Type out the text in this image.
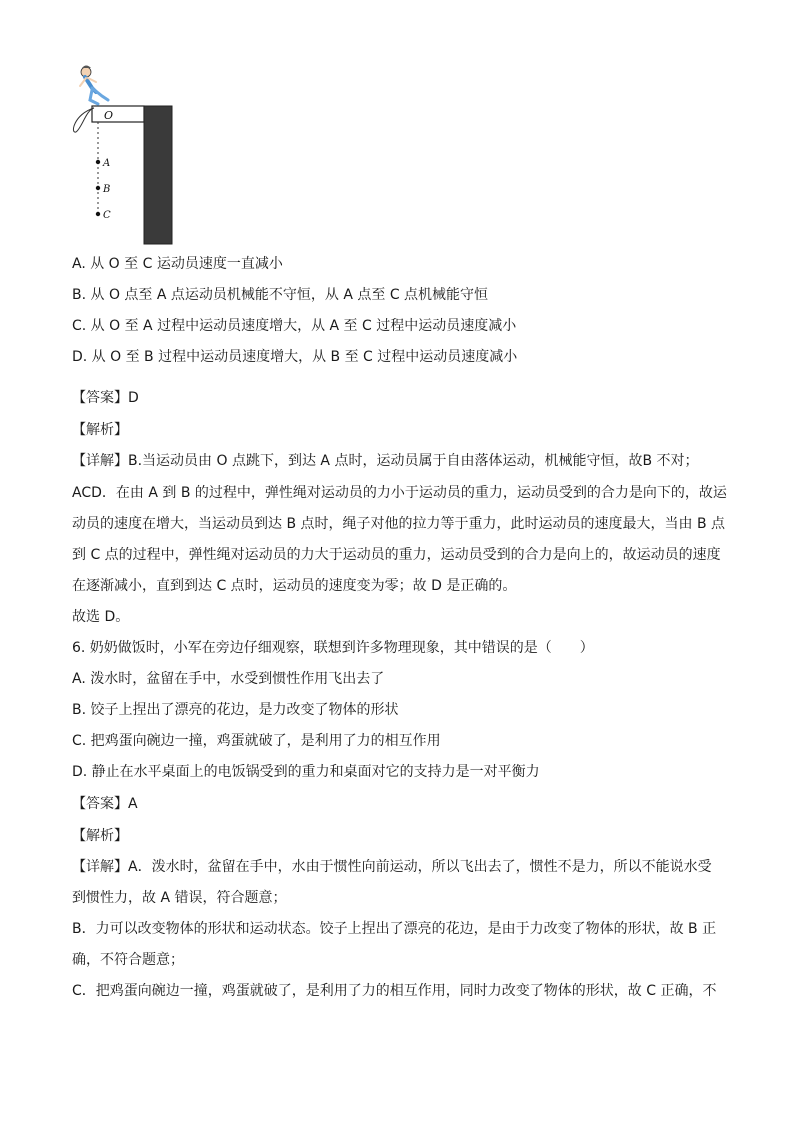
O
A
B
C
A. 从 O 至 C 运动员速度一直减小
B. 从 O 点至 A 点运动员机械能不守恒，从 A 点至 C 点机械能守恒
C. 从 O 至 A 过程中运动员速度增大，从 A 至 C 过程中运动员速度减小
D. 从 O 至 B 过程中运动员速度增大，从 B 至 C 过程中运动员速度减小
【答案】D
【解析】
【详解】B.当运动员由 O 点跳下，到达 A 点时，运动员属于自由落体运动，机械能守恒，故B 不对；
ACD．在由 A 到 B 的过程中，弹性绳对运动员的力小于运动员的重力，运动员受到的合力是向下的，故运
动员的速度在增大，当运动员到达 B 点时，绳子对他的拉力等于重力，此时运动员的速度最大，当由 B 点
到 C 点的过程中，弹性绳对运动员的力大于运动员的重力，运动员受到的合力是向上的，故运动员的速度
在逐渐减小，直到到达 C 点时，运动员的速度变为零；故 D 是正确的。
故选 D。
6. 奶奶做饭时，小军在旁边仔细观察，联想到许多物理现象，其中错误的是（　　）
A. 泼水时，盆留在手中，水受到惯性作用飞出去了
B. 饺子上捏出了漂亮的花边，是力改变了物体的形状
C. 把鸡蛋向碗边一撞，鸡蛋就破了，是利用了力的相互作用
D. 静止在水平桌面上的电饭锅受到的重力和桌面对它的支持力是一对平衡力
【答案】A
【解析】
【详解】A．泼水时，盆留在手中，水由于惯性向前运动，所以飞出去了，惯性不是力，所以不能说水受
到惯性力，故 A 错误，符合题意；
B．力可以改变物体的形状和运动状态。饺子上捏出了漂亮的花边，是由于力改变了物体的形状，故 B 正
确，不符合题意；
C．把鸡蛋向碗边一撞，鸡蛋就破了，是利用了力的相互作用，同时力改变了物体的形状，故 C 正确，不
